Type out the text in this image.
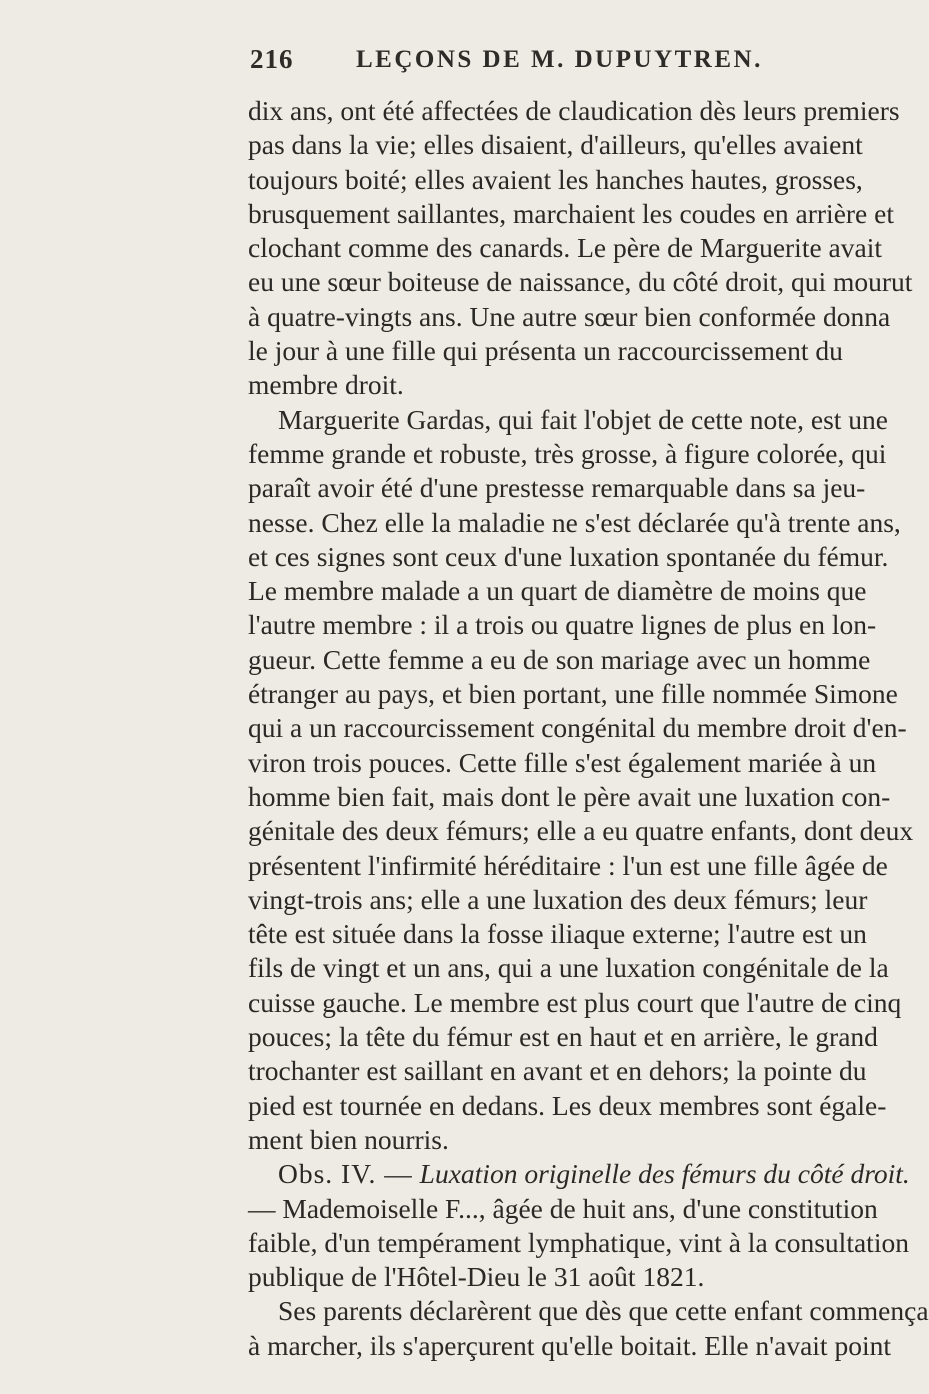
216	LEÇONS DE M. DUPUYTREN.
dix ans, ont été affectées de claudication dès leurs premiers
pas dans la vie; elles disaient, d'ailleurs, qu'elles avaient
toujours boité; elles avaient les hanches hautes, grosses,
brusquement saillantes, marchaient les coudes en arrière et
clochant comme des canards. Le père de Marguerite avait
eu une sœur boiteuse de naissance, du côté droit, qui mourut
à quatre-vingts ans. Une autre sœur bien conformée donna
le jour à une fille qui présenta un raccourcissement du
membre droit.
Marguerite Gardas, qui fait l'objet de cette note, est une
femme grande et robuste, très grosse, à figure colorée, qui
paraît avoir été d'une prestesse remarquable dans sa jeu-
nesse. Chez elle la maladie ne s'est déclarée qu'à trente ans,
et ces signes sont ceux d'une luxation spontanée du fémur.
Le membre malade a un quart de diamètre de moins que
l'autre membre : il a trois ou quatre lignes de plus en lon-
gueur. Cette femme a eu de son mariage avec un homme
étranger au pays, et bien portant, une fille nommée Simone
qui a un raccourcissement congénital du membre droit d'en-
viron trois pouces. Cette fille s'est également mariée à un
homme bien fait, mais dont le père avait une luxation con-
génitale des deux fémurs; elle a eu quatre enfants, dont deux
présentent l'infirmité héréditaire : l'un est une fille âgée de
vingt-trois ans; elle a une luxation des deux fémurs; leur
tête est située dans la fosse iliaque externe; l'autre est un
fils de vingt et un ans, qui a une luxation congénitale de la
cuisse gauche. Le membre est plus court que l'autre de cinq
pouces; la tête du fémur est en haut et en arrière, le grand
trochanter est saillant en avant et en dehors; la pointe du
pied est tournée en dedans. Les deux membres sont égale-
ment bien nourris.
Obs. IV. — Luxation originelle des fémurs du côté droit.
— Mademoiselle F..., âgée de huit ans, d'une constitution
faible, d'un tempérament lymphatique, vint à la consultation
publique de l'Hôtel-Dieu le 31 août 1821.
Ses parents déclarèrent que dès que cette enfant commença
à marcher, ils s'aperçurent qu'elle boitait. Elle n'avait point
